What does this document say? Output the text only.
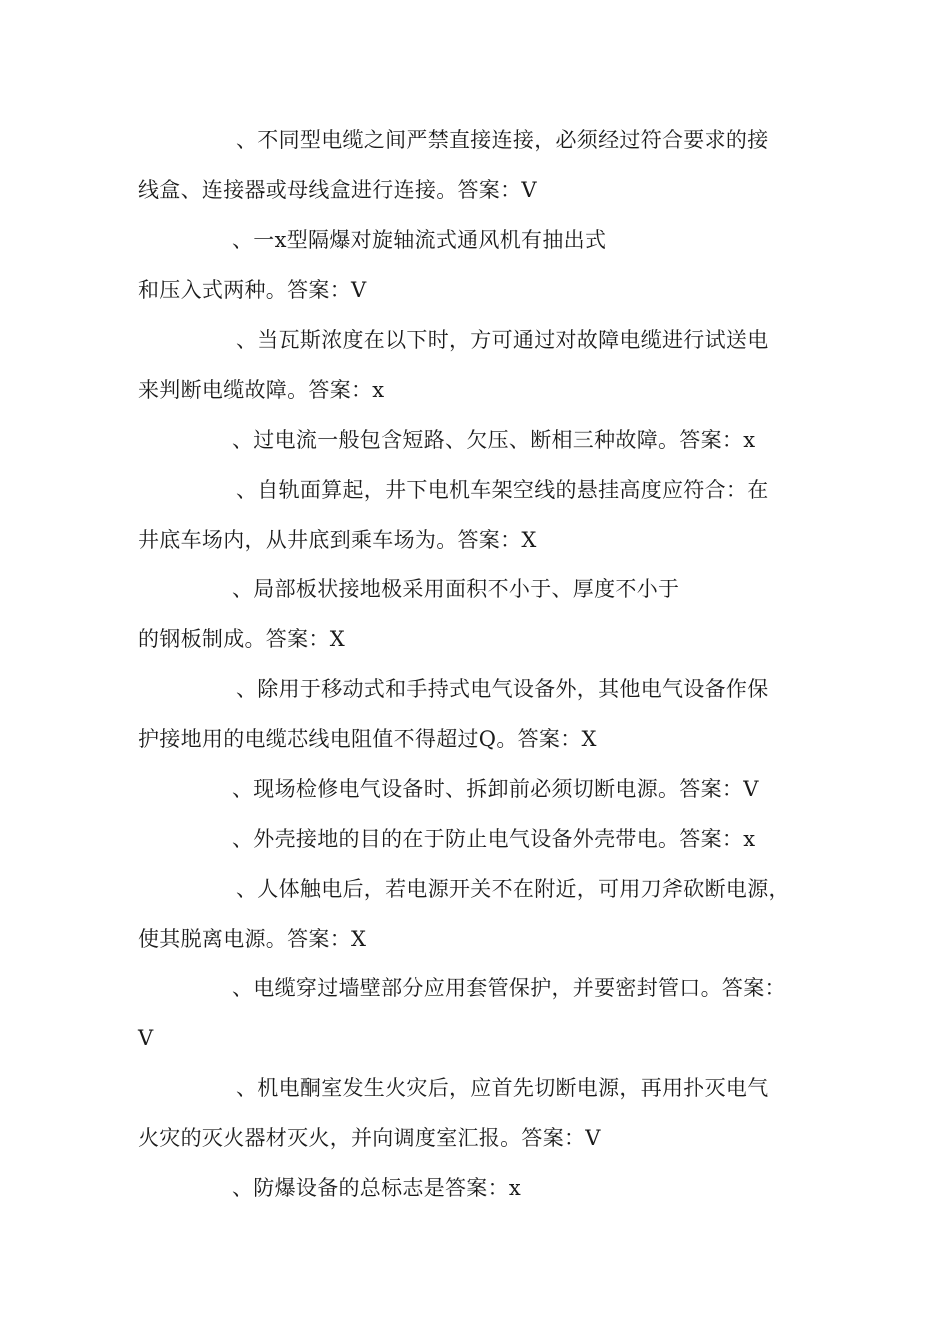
、不同型电缆之间严禁直接连接，必须经过符合要求的接
线盒、连接器或母线盒进行连接。答案：V
、一x型隔爆对旋轴流式通风机有抽出式
和压入式两种。答案：V
、当瓦斯浓度在以下时，方可通过对故障电缆进行试送电
来判断电缆故障。答案：x
、过电流一般包含短路、欠压、断相三种故障。答案：x
、自轨面算起，井下电机车架空线的悬挂高度应符合：在
井底车场内，从井底到乘车场为。答案：X
、局部板状接地极采用面积不小于、厚度不小于
的钢板制成。答案：X
、除用于移动式和手持式电气设备外，其他电气设备作保
护接地用的电缆芯线电阻值不得超过Q。答案：X
、现场检修电气设备时、拆卸前必须切断电源。答案：V
、外壳接地的目的在于防止电气设备外壳带电。答案：x
、人体触电后，若电源开关不在附近，可用刀斧砍断电源，
使其脱离电源。答案：X
、电缆穿过墙壁部分应用套管保护，并要密封管口。答案：
V
、机电酮室发生火灾后，应首先切断电源，再用扑灭电气
火灾的灭火器材灭火，并向调度室汇报。答案：V
、防爆设备的总标志是答案：x
